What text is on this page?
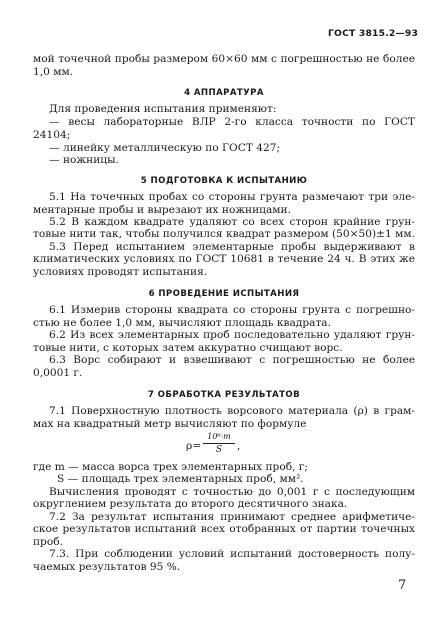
ГОСТ 3815.2—93
мой точечной пробы размером 60×60 мм с погрешностью не более
1,0 мм.
4 АППАРАТУРА
Для проведения испытания применяют:
— весы лабораторные ВЛР 2-го класса точности по ГОСТ
24104;
— линейку металлическую по ГОСТ 427;
— ножницы.
5 ПОДГОТОВКА К ИСПЫТАНИЮ
5.1 На точечных пробах со стороны грунта размечают три эле-
ментарные пробы и вырезают их ножницами.
5.2 В каждом квадрате удаляют со всех сторон крайние грун-
товые нити так, чтобы получился квадрат размером (50×50)±1 мм.
5.3 Перед испытанием элементарные пробы выдерживают в
климатических условиях по ГОСТ 10681 в течение 24 ч. В этих же
условиях проводят испытания.
6 ПРОВЕДЕНИЕ ИСПЫТАНИЯ
6.1 Измерив стороны квадрата со стороны грунта с погрешно-
стью не более 1,0 мм, вычисляют площадь квадрата.
6.2 Из всех элементарных проб последовательно удаляют грун-
товые нити, с которых затем аккуратно счищают ворс.
6.3 Ворс собирают и взвешивают с погрешностью не более
0,0001 г.
7 ОБРАБОТКА РЕЗУЛЬТАТОВ
7.1 Поверхностную плотность ворсового материала (ρ) в грам-
мах на квадратный метр вычисляют по формуле
ρ=
10⁶·m
S	,
где m — масса ворса трех элементарных проб, г;
S — площадь трех элементарных проб, мм².
Вычисления проводят с точностью до 0,001 г с последующим
округлением результата до второго десятичного знака.
7.2 За результат испытания принимают среднее арифметиче-
ское результатов испытаний всех отобранных от партии точечных
проб.
7.3. При соблюдении условий испытаний достоверность полу-
чаемых результатов 95 %.
7
